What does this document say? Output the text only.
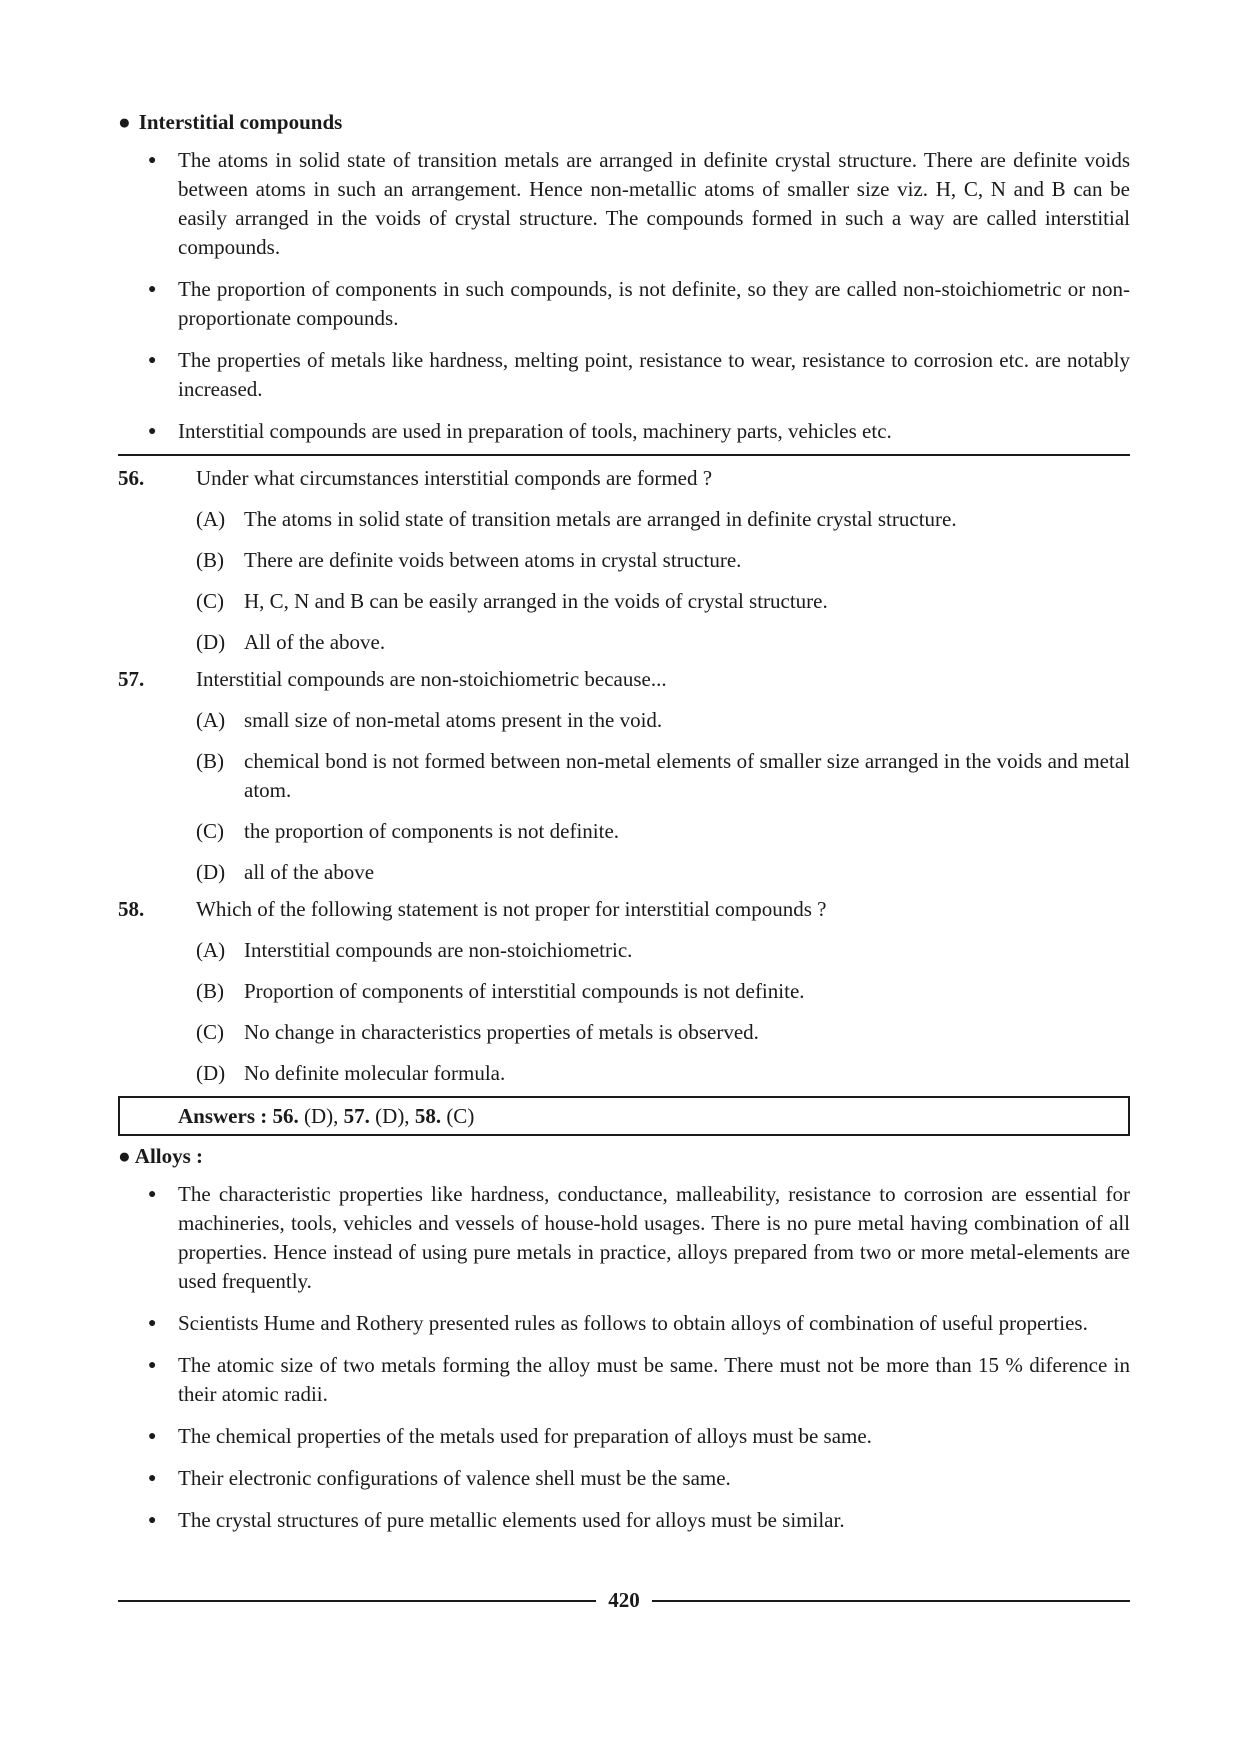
● Interstitial compounds
● The atoms in solid state of transition metals are arranged in definite crystal structure. There are definite voids between atoms in such an arrangement. Hence non-metallic atoms of smaller size viz. H, C, N and B can be easily arranged in the voids of crystal structure. The compounds formed in such a way are called interstitial compounds.
● The proportion of components in such compounds, is not definite, so they are called non-stoichiometric or non-proportionate compounds.
● The properties of metals like hardness, melting point, resistance to wear, resistance to corrosion etc. are notably increased.
● Interstitial compounds are used in preparation of tools, machinery parts, vehicles etc.
56.	Under what circumstances interstitial componds are formed ?
(A) The atoms in solid state of transition metals are arranged in definite crystal structure.
(B) There are definite voids between atoms in crystal structure.
(C) H, C, N and B can be easily arranged in the voids of crystal structure.
(D) All of the above.
57.	Interstitial compounds are non-stoichiometric because...
(A) small size of non-metal atoms present in the void.
(B) chemical bond is not formed between non-metal elements of smaller size arranged in the voids and metal atom.
(C) the proportion of components is not definite.
(D) all of the above
58.	Which of the following statement is not proper for interstitial compounds ?
(A) Interstitial compounds are non-stoichiometric.
(B) Proportion of components of interstitial compounds is not definite.
(C) No change in characteristics properties of metals is observed.
(D) No definite molecular formula.
Answers : 56. (D), 57. (D), 58. (C)
● Alloys :
● The characteristic properties like hardness, conductance, malleability, resistance to corrosion are essential for machineries, tools, vehicles and vessels of house-hold usages. There is no pure metal having combination of all properties. Hence instead of using pure metals in practice, alloys prepared from two or more metal-elements are used frequently.
● Scientists Hume and Rothery presented rules as follows to obtain alloys of combination of useful properties.
● The atomic size of two metals forming the alloy must be same. There must not be more than 15 % diference in their atomic radii.
● The chemical properties of the metals used for preparation of alloys must be same.
● Their electronic configurations of valence shell must be the same.
● The crystal structures of pure metallic elements used for alloys must be similar.
420
